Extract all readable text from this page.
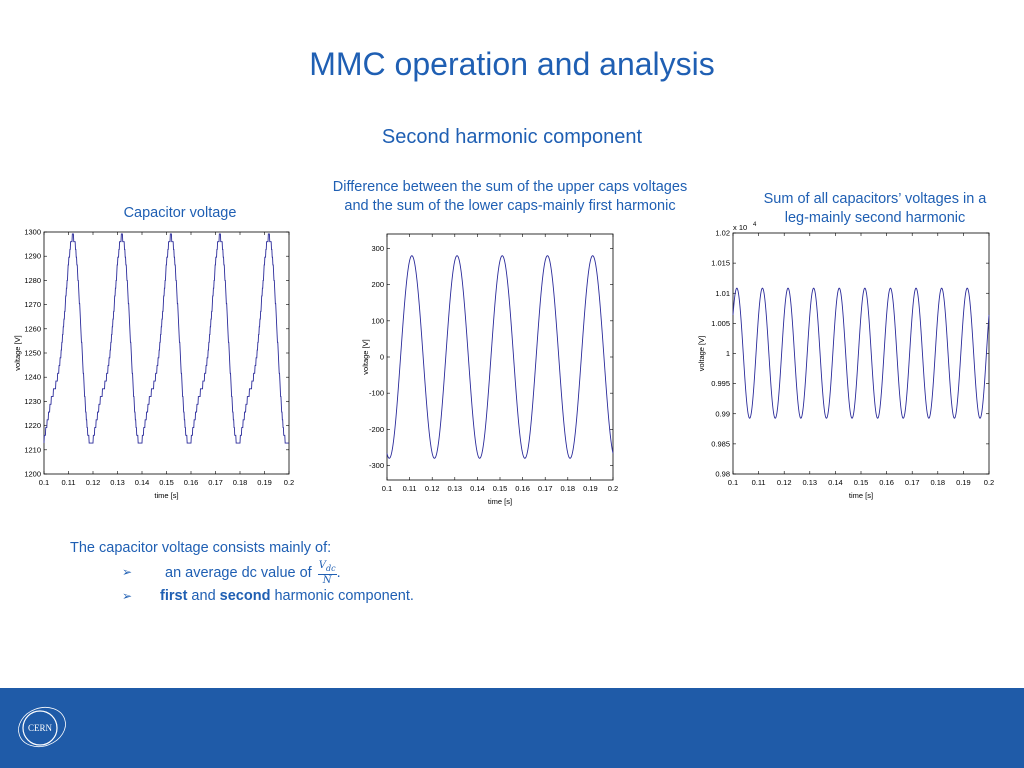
MMC operation and analysis
Second harmonic component
Capacitor voltage
Difference between the sum of the upper caps voltages
and the sum of the lower caps-mainly first harmonic	Sum of all capacitors’ voltages in a
leg-mainly second harmonic
0.1 0.11 0.12 0.13 0.14 0.15 0.16 0.17 0.18 0.19 0.2
1300
1290
1280
1270
1260
1250
1240
1230
1220
1210
1200
time [s]
voltage [V]
0.1 0.11 0.12 0.13 0.14 0.15 0.16 0.17 0.18 0.19 0.2
300
200
100
0
-100
-200
-300
time [s]
voltage [V]
0.1 0.11 0.12 0.13 0.14 0.15 0.16 0.17 0.18 0.19 0.2
1.02
1.015
1.01
1.005
1
0.995
0.99
0.985
0.98
time [s]
voltage [V]
x 10 4
The capacitor voltage consists mainly of:
➢ an average dc value of $\frac{V_{dc}}{N}$ .
➢ first and second harmonic component.
CERN
